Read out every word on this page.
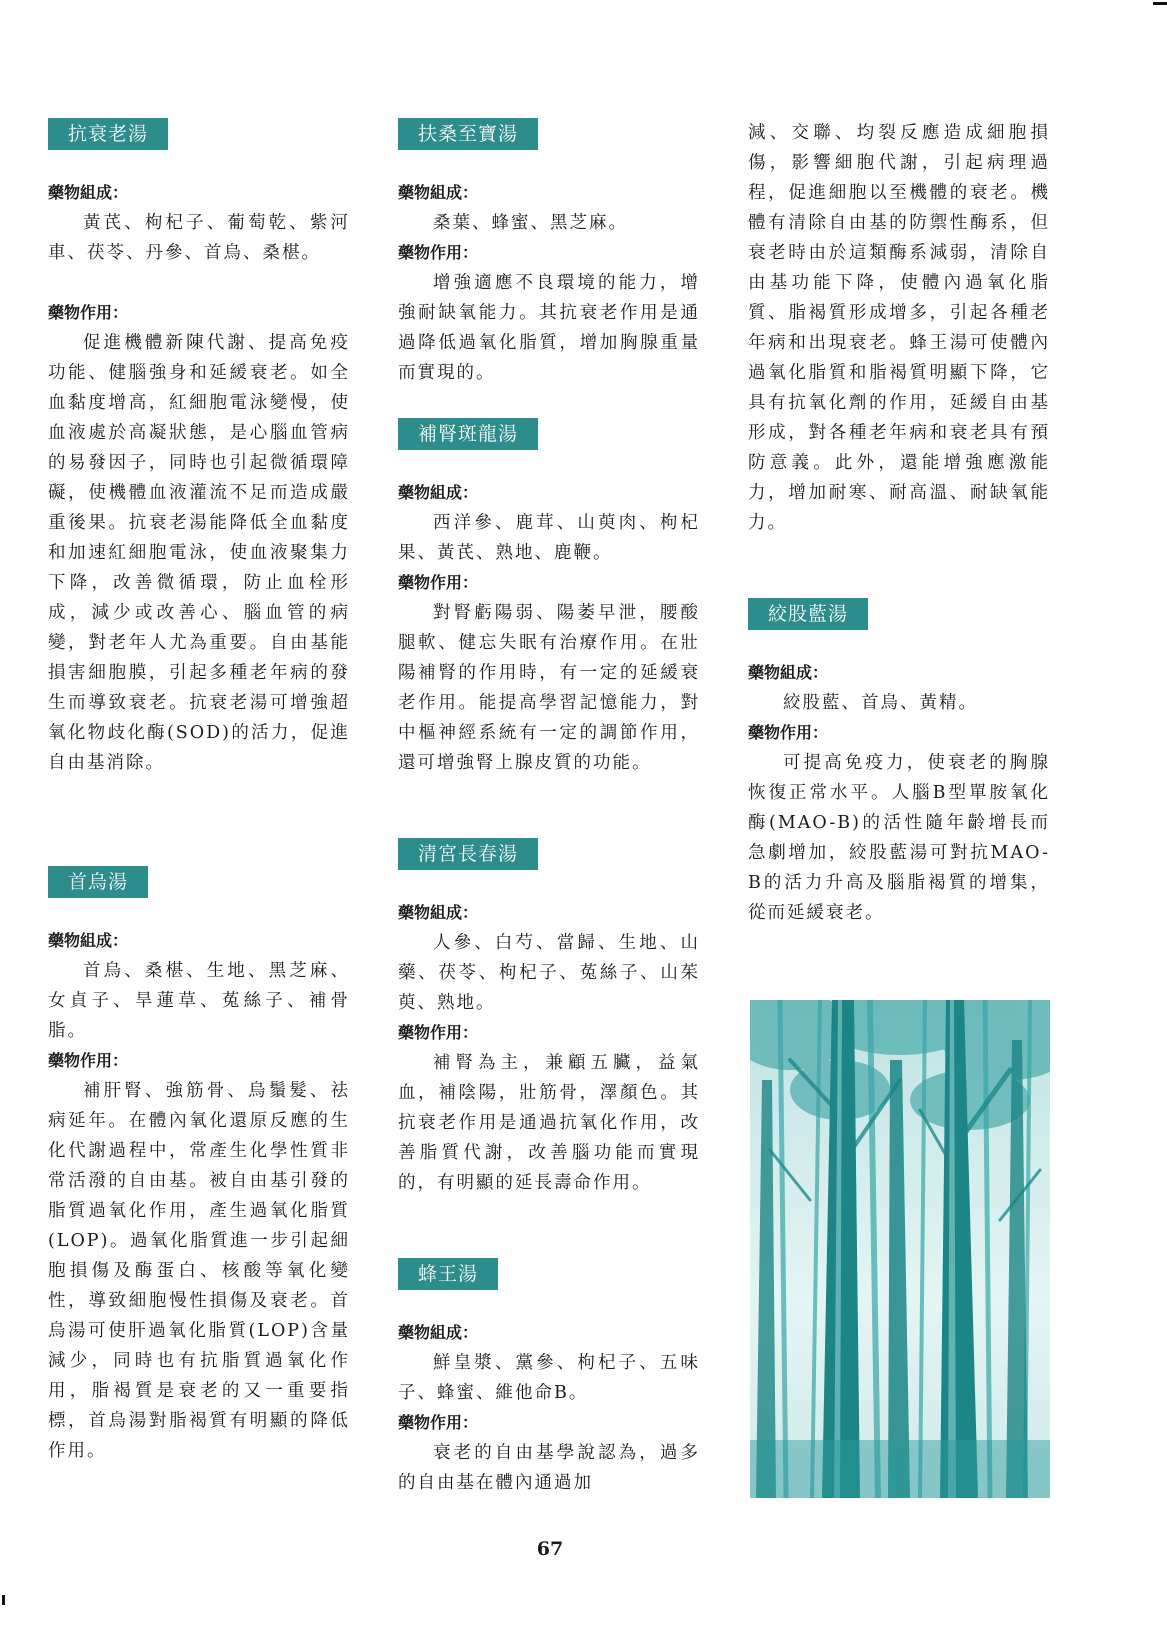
抗衰老湯
藥物組成：

黃芪、枸杞子、葡萄乾、紫河車、茯苓、丹參、首烏、桑椹。

藥物作用：

促進機體新陳代謝、提高免疫功能、健腦強身和延緩衰老。如全血黏度增高，紅細胞電泳變慢，使血液處於高凝狀態，是心腦血管病的易發因子，同時也引起微循環障礙，使機體血液灌流不足而造成嚴重後果。抗衰老湯能降低全血黏度和加速紅細胞電泳，使血液聚集力下降，改善微循環，防止血栓形成，減少或改善心、腦血管的病變，對老年人尤為重要。自由基能損害細胞膜，引起多種老年病的發生而導致衰老。抗衰老湯可增強超氧化物歧化酶(SOD)的活力，促進自由基消除。

首烏湯
藥物組成：

首烏、桑椹、生地、黑芝麻、女貞子、旱蓮草、菟絲子、補骨脂。

藥物作用：

補肝腎、強筋骨、烏鬚髮、祛病延年。在體內氧化還原反應的生化代謝過程中，常產生化學性質非常活潑的自由基。被自由基引發的脂質過氧化作用，產生過氧化脂質(LOP)。過氧化脂質進一步引起細胞損傷及酶蛋白、核酸等氧化變性，導致細胞慢性損傷及衰老。首烏湯可使肝過氧化脂質(LOP)含量減少，同時也有抗脂質過氧化作用，脂褐質是衰老的又一重要指標，首烏湯對脂褐質有明顯的降低作用。

扶桑至寶湯
藥物組成：

桑葉、蜂蜜、黑芝麻。

藥物作用：

增強適應不良環境的能力，增強耐缺氧能力。其抗衰老作用是通過降低過氧化脂質，增加胸腺重量而實現的。

補腎斑龍湯
藥物組成：

西洋參、鹿茸、山萸肉、枸杞果、黃芪、熟地、鹿鞭。

藥物作用：

對腎虧陽弱、陽萎早泄，腰酸腿軟、健忘失眠有治療作用。在壯陽補腎的作用時，有一定的延緩衰老作用。能提高學習記憶能力，對中樞神經系統有一定的調節作用，還可增強腎上腺皮質的功能。

清宮長春湯
藥物組成：

人參、白芍、當歸、生地、山藥、茯苓、枸杞子、菟絲子、山茱萸、熟地。

藥物作用：

補腎為主，兼顧五臟，益氣血，補陰陽，壯筋骨，澤顏色。其抗衰老作用是通過抗氧化作用，改善脂質代謝，改善腦功能而實現的，有明顯的延長壽命作用。

蜂王湯
藥物組成：

鮮皇漿、黨參、枸杞子、五味子、蜂蜜、維他命B。

藥物作用：

衰老的自由基學說認為，過多的自由基在體內通過加

減、交聯、均裂反應造成細胞損傷，影響細胞代謝，引起病理過程，促進細胞以至機體的衰老。機體有清除自由基的防禦性酶系，但衰老時由於這類酶系減弱，清除自由基功能下降，使體內過氧化脂質、脂褐質形成增多，引起各種老年病和出現衰老。蜂王湯可使體內過氧化脂質和脂褐質明顯下降，它具有抗氧化劑的作用，延緩自由基形成，對各種老年病和衰老具有預防意義。此外，還能增強應激能力，增加耐寒、耐高溫、耐缺氧能力。

絞股藍湯
藥物組成：

絞股藍、首烏、黃精。

藥物作用：

可提高免疫力，使衰老的胸腺恢復正常水平。人腦B型單胺氧化酶(MAO-B)的活性隨年齡增長而急劇增加，絞股藍湯可對抗MAO-B的活力升高及腦脂褐質的增集，從而延緩衰老。

67
